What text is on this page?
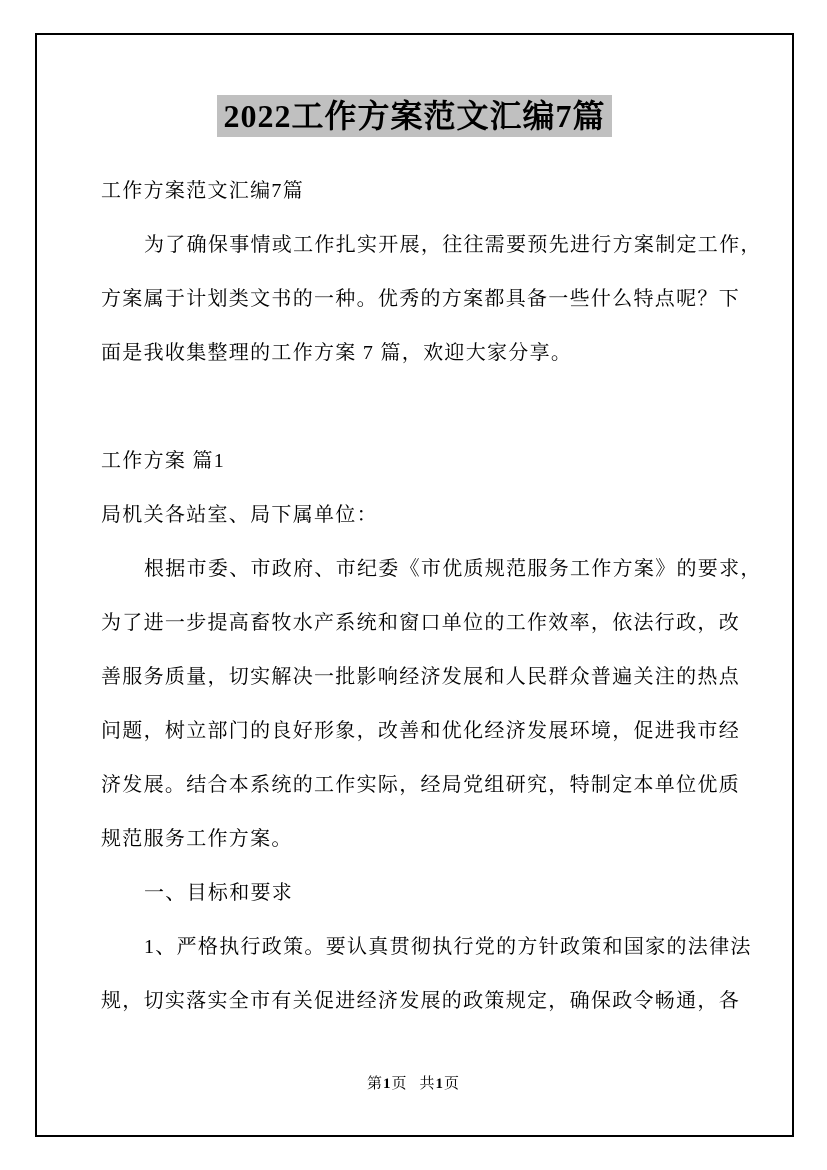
2022工作方案范文汇编7篇
工作方案范文汇编7篇
为了确保事情或工作扎实开展，往往需要预先进行方案制定工作，
方案属于计划类文书的一种。优秀的方案都具备一些什么特点呢？下
面是我收集整理的工作方案 7 篇，欢迎大家分享。

工作方案 篇1
局机关各站室、局下属单位：
根据市委、市政府、市纪委《市优质规范服务工作方案》的要求，
为了进一步提高畜牧水产系统和窗口单位的工作效率，依法行政，改
善服务质量，切实解决一批影响经济发展和人民群众普遍关注的热点
问题，树立部门的良好形象，改善和优化经济发展环境，促进我市经
济发展。结合本系统的工作实际，经局党组研究，特制定本单位优质
规范服务工作方案。
一、目标和要求
1、严格执行政策。要认真贯彻执行党的方针政策和国家的法律法
规，切实落实全市有关促进经济发展的政策规定，确保政令畅通，各
第1页 共1页
